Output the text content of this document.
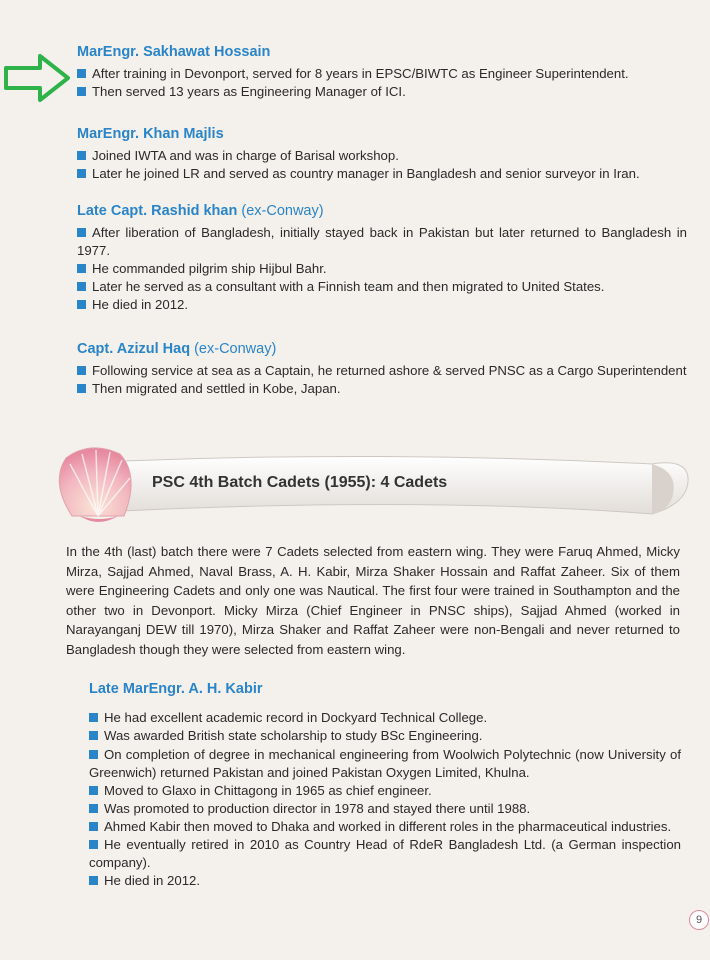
MarEngr. Sakhawat Hossain

After training in Devonport, served for 8 years in EPSC/BIWTC as Engineer Superintendent.

Then served 13 years as Engineering Manager of ICI.

MarEngr. Khan Majlis

Joined IWTA and was in charge of Barisal workshop.

Later he joined LR and served as country manager in Bangladesh and senior surveyor in Iran.

Late Capt. Rashid khan (ex-Conway)

After liberation of Bangladesh, initially stayed back in Pakistan but later returned to Bangladesh in 1977.

He commanded pilgrim ship Hijbul Bahr.

Later he served as a consultant with a Finnish team and then migrated to United States.

He died in 2012.

Capt. Azizul Haq (ex-Conway)

Following service at sea as a Captain, he returned ashore & served PNSC as a Cargo Superintendent

Then migrated and settled in Kobe, Japan.

PSC 4th Batch Cadets (1955): 4 Cadets

In the 4th (last) batch there were 7 Cadets selected from eastern wing. They were Faruq Ahmed, Micky Mirza, Sajjad Ahmed, Naval Brass, A. H. Kabir, Mirza Shaker Hossain and Raffat Zaheer. Six of them were Engineering Cadets and only one was Nautical. The first four were trained in Southampton and the other two in Devonport. Micky Mirza (Chief Engineer in PNSC ships), Sajjad Ahmed (worked in Narayanganj DEW till 1970), Mirza Shaker and Raffat Zaheer were non-Bengali and never returned to Bangladesh though they were selected from eastern wing.

Late MarEngr. A. H. Kabir

He had excellent academic record in Dockyard Technical College.

Was awarded British state scholarship to study BSc Engineering.

On completion of degree in mechanical engineering from Woolwich Polytechnic (now University of Greenwich) returned Pakistan and joined Pakistan Oxygen Limited, Khulna.

Moved to Glaxo in Chittagong in 1965 as chief engineer.

Was promoted to production director in 1978 and stayed there until 1988.

Ahmed Kabir then moved to Dhaka and worked in different roles in the pharmaceutical industries.

He eventually retired in 2010 as Country Head of RdeR Bangladesh Ltd. (a German inspection company).

He died in 2012.

9
